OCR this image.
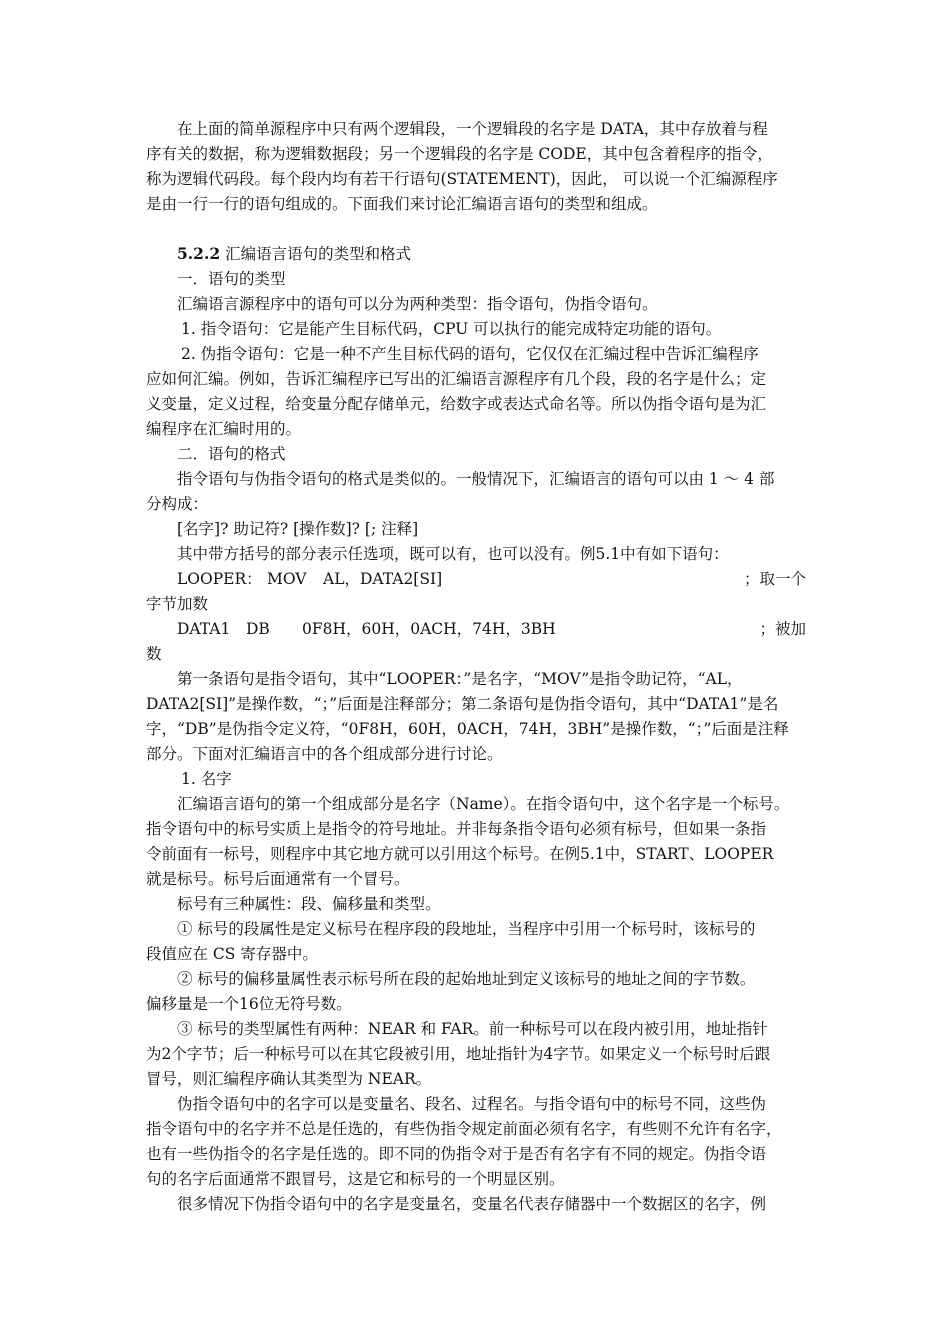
在上面的简单源程序中只有两个逻辑段，一个逻辑段的名字是 DATA，其中存放着与程
序有关的数据，称为逻辑数据段；另一个逻辑段的名字是 CODE，其中包含着程序的指令，
称为逻辑代码段。每个段内均有若干行语句(STATEMENT)，因此， 可以说一个汇编源程序
是由一行一行的语句组成的。下面我们来讨论汇编语言语句的类型和组成。
5.2.2 汇编语言语句的类型和格式
一．语句的类型
汇编语言源程序中的语句可以分为两种类型：指令语句，伪指令语句。
1. 指令语句：它是能产生目标代码，CPU 可以执行的能完成特定功能的语句。
2. 伪指令语句：它是一种不产生目标代码的语句，它仅仅在汇编过程中告诉汇编程序
应如何汇编。例如，告诉汇编程序已写出的汇编语言源程序有几个段，段的名字是什么；定
义变量，定义过程，给变量分配存储单元，给数字或表达式命名等。所以伪指令语句是为汇
编程序在汇编时用的。
二．语句的格式
指令语句与伪指令语句的格式是类似的。一般情况下，汇编语言的语句可以由 1 ～ 4 部
分构成：
[名字]? 助记符? [操作数]? [; 注释]
其中带方括号的部分表示任选项，既可以有，也可以没有。例5.1中有如下语句：
LOOPER： MOV AL，DATA2[SI]	；取一个
字节加数
DATA1 DB 0F8H，60H，0ACH，74H，3BH	；被加
数
第一条语句是指令语句，其中“LOOPER：”是名字，“MOV”是指令助记符，“AL，
DATA2[SI]”是操作数，“；”后面是注释部分；第二条语句是伪指令语句，其中“DATA1”是名
字，“DB”是伪指令定义符，“0F8H，60H，0ACH，74H，3BH”是操作数，“；”后面是注释
部分。下面对汇编语言中的各个组成部分进行讨论。
1. 名字
汇编语言语句的第一个组成部分是名字（Name）。在指令语句中，这个名字是一个标号。
指令语句中的标号实质上是指令的符号地址。并非每条指令语句必须有标号，但如果一条指
令前面有一标号，则程序中其它地方就可以引用这个标号。在例5.1中，START、LOOPER
就是标号。标号后面通常有一个冒号。
标号有三种属性：段、偏移量和类型。
① 标号的段属性是定义标号在程序段的段地址，当程序中引用一个标号时，该标号的
段值应在 CS 寄存器中。
② 标号的偏移量属性表示标号所在段的起始地址到定义该标号的地址之间的字节数。
偏移量是一个16位无符号数。
③ 标号的类型属性有两种：NEAR 和 FAR。前一种标号可以在段内被引用，地址指针
为2个字节；后一种标号可以在其它段被引用，地址指针为4字节。如果定义一个标号时后跟
冒号，则汇编程序确认其类型为 NEAR。
伪指令语句中的名字可以是变量名、段名、过程名。与指令语句中的标号不同，这些伪
指令语句中的名字并不总是任选的，有些伪指令规定前面必须有名字，有些则不允许有名字，
也有一些伪指令的名字是任选的。即不同的伪指令对于是否有名字有不同的规定。伪指令语
句的名字后面通常不跟冒号，这是它和标号的一个明显区别。
很多情况下伪指令语句中的名字是变量名，变量名代表存储器中一个数据区的名字，例
